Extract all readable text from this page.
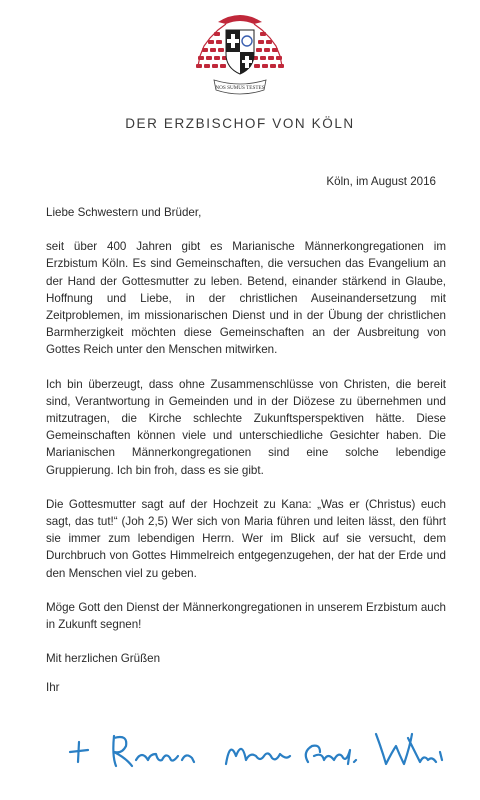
NOS SUMUS TESTES
DER ERZBISCHOF VON KÖLN
Köln, im August 2016

Liebe Schwestern und Brüder,

seit über 400 Jahren gibt es Marianische Männerkongregationen im Erzbistum Köln. Es sind Gemeinschaften, die versuchen das Evangelium an der Hand der Gottesmutter zu leben. Betend, einander stärkend in Glaube, Hoffnung und Liebe, in der christlichen Auseinandersetzung mit Zeitproblemen, im missionarischen Dienst und in der Übung der christlichen Barmherzigkeit möchten diese Gemeinschaften an der Ausbreitung von Gottes Reich unter den Menschen mitwirken.

Ich bin überzeugt, dass ohne Zusammenschlüsse von Christen, die bereit sind, Verantwortung in Gemeinden und in der Diözese zu übernehmen und mitzutragen, die Kirche schlechte Zukunftsperspektiven hätte. Diese Gemeinschaften können viele und unterschiedliche Gesichter haben. Die Marianischen Männerkongregationen sind eine solche lebendige Gruppierung. Ich bin froh, dass es sie gibt.

Die Gottesmutter sagt auf der Hochzeit zu Kana: „Was er (Christus) euch sagt, das tut!“ (Joh 2,5) Wer sich von Maria führen und leiten lässt, den führt sie immer zum lebendigen Herrn. Wer im Blick auf sie versucht, dem Durchbruch von Gottes Himmelreich entgegenzugehen, der hat der Erde und den Menschen viel zu geben.

Möge Gott den Dienst der Männerkongregationen in unserem Erzbistum auch in Zukunft segnen!

Mit herzlichen Grüßen

Ihr
